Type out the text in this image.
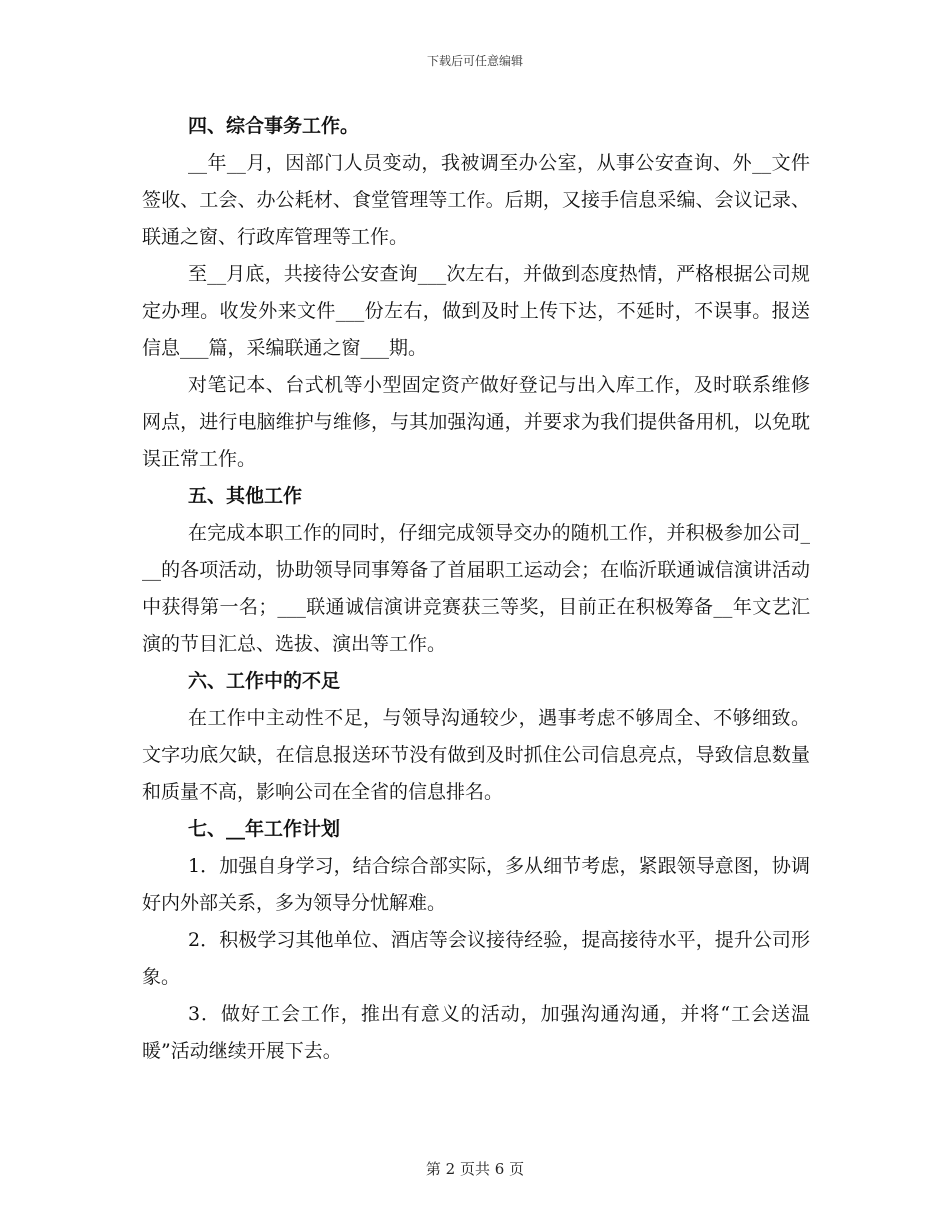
下载后可任意编辑

四、综合事务工作。

__年__月，因部门人员变动，我被调至办公室，从事公安查询、外__文件签收、工会、办公耗材、食堂管理等工作。后期，又接手信息采编、会议记录、联通之窗、行政库管理等工作。

至__月底，共接待公安查询___次左右，并做到态度热情，严格根据公司规定办理。收发外来文件___份左右，做到及时上传下达，不延时，不误事。报送信息___篇，采编联通之窗___期。

对笔记本、台式机等小型固定资产做好登记与出入库工作，及时联系维修网点，进行电脑维护与维修，与其加强沟通，并要求为我们提供备用机，以免耽误正常工作。

五、其他工作

在完成本职工作的同时，仔细完成领导交办的随机工作，并积极参加公司___的各项活动，协助领导同事筹备了首届职工运动会；在临沂联通诚信演讲活动中获得第一名；___联通诚信演讲竞赛获三等奖，目前正在积极筹备__年文艺汇演的节目汇总、选拔、演出等工作。

六、工作中的不足

在工作中主动性不足，与领导沟通较少，遇事考虑不够周全、不够细致。文字功底欠缺，在信息报送环节没有做到及时抓住公司信息亮点，导致信息数量和质量不高，影响公司在全省的信息排名。

七、__年工作计划

1．加强自身学习，结合综合部实际，多从细节考虑，紧跟领导意图，协调好内外部关系，多为领导分忧解难。

2．积极学习其他单位、酒店等会议接待经验，提高接待水平，提升公司形象。

3．做好工会工作，推出有意义的活动，加强沟通沟通，并将“工会送温暖”活动继续开展下去。

第 2 页共 6 页
